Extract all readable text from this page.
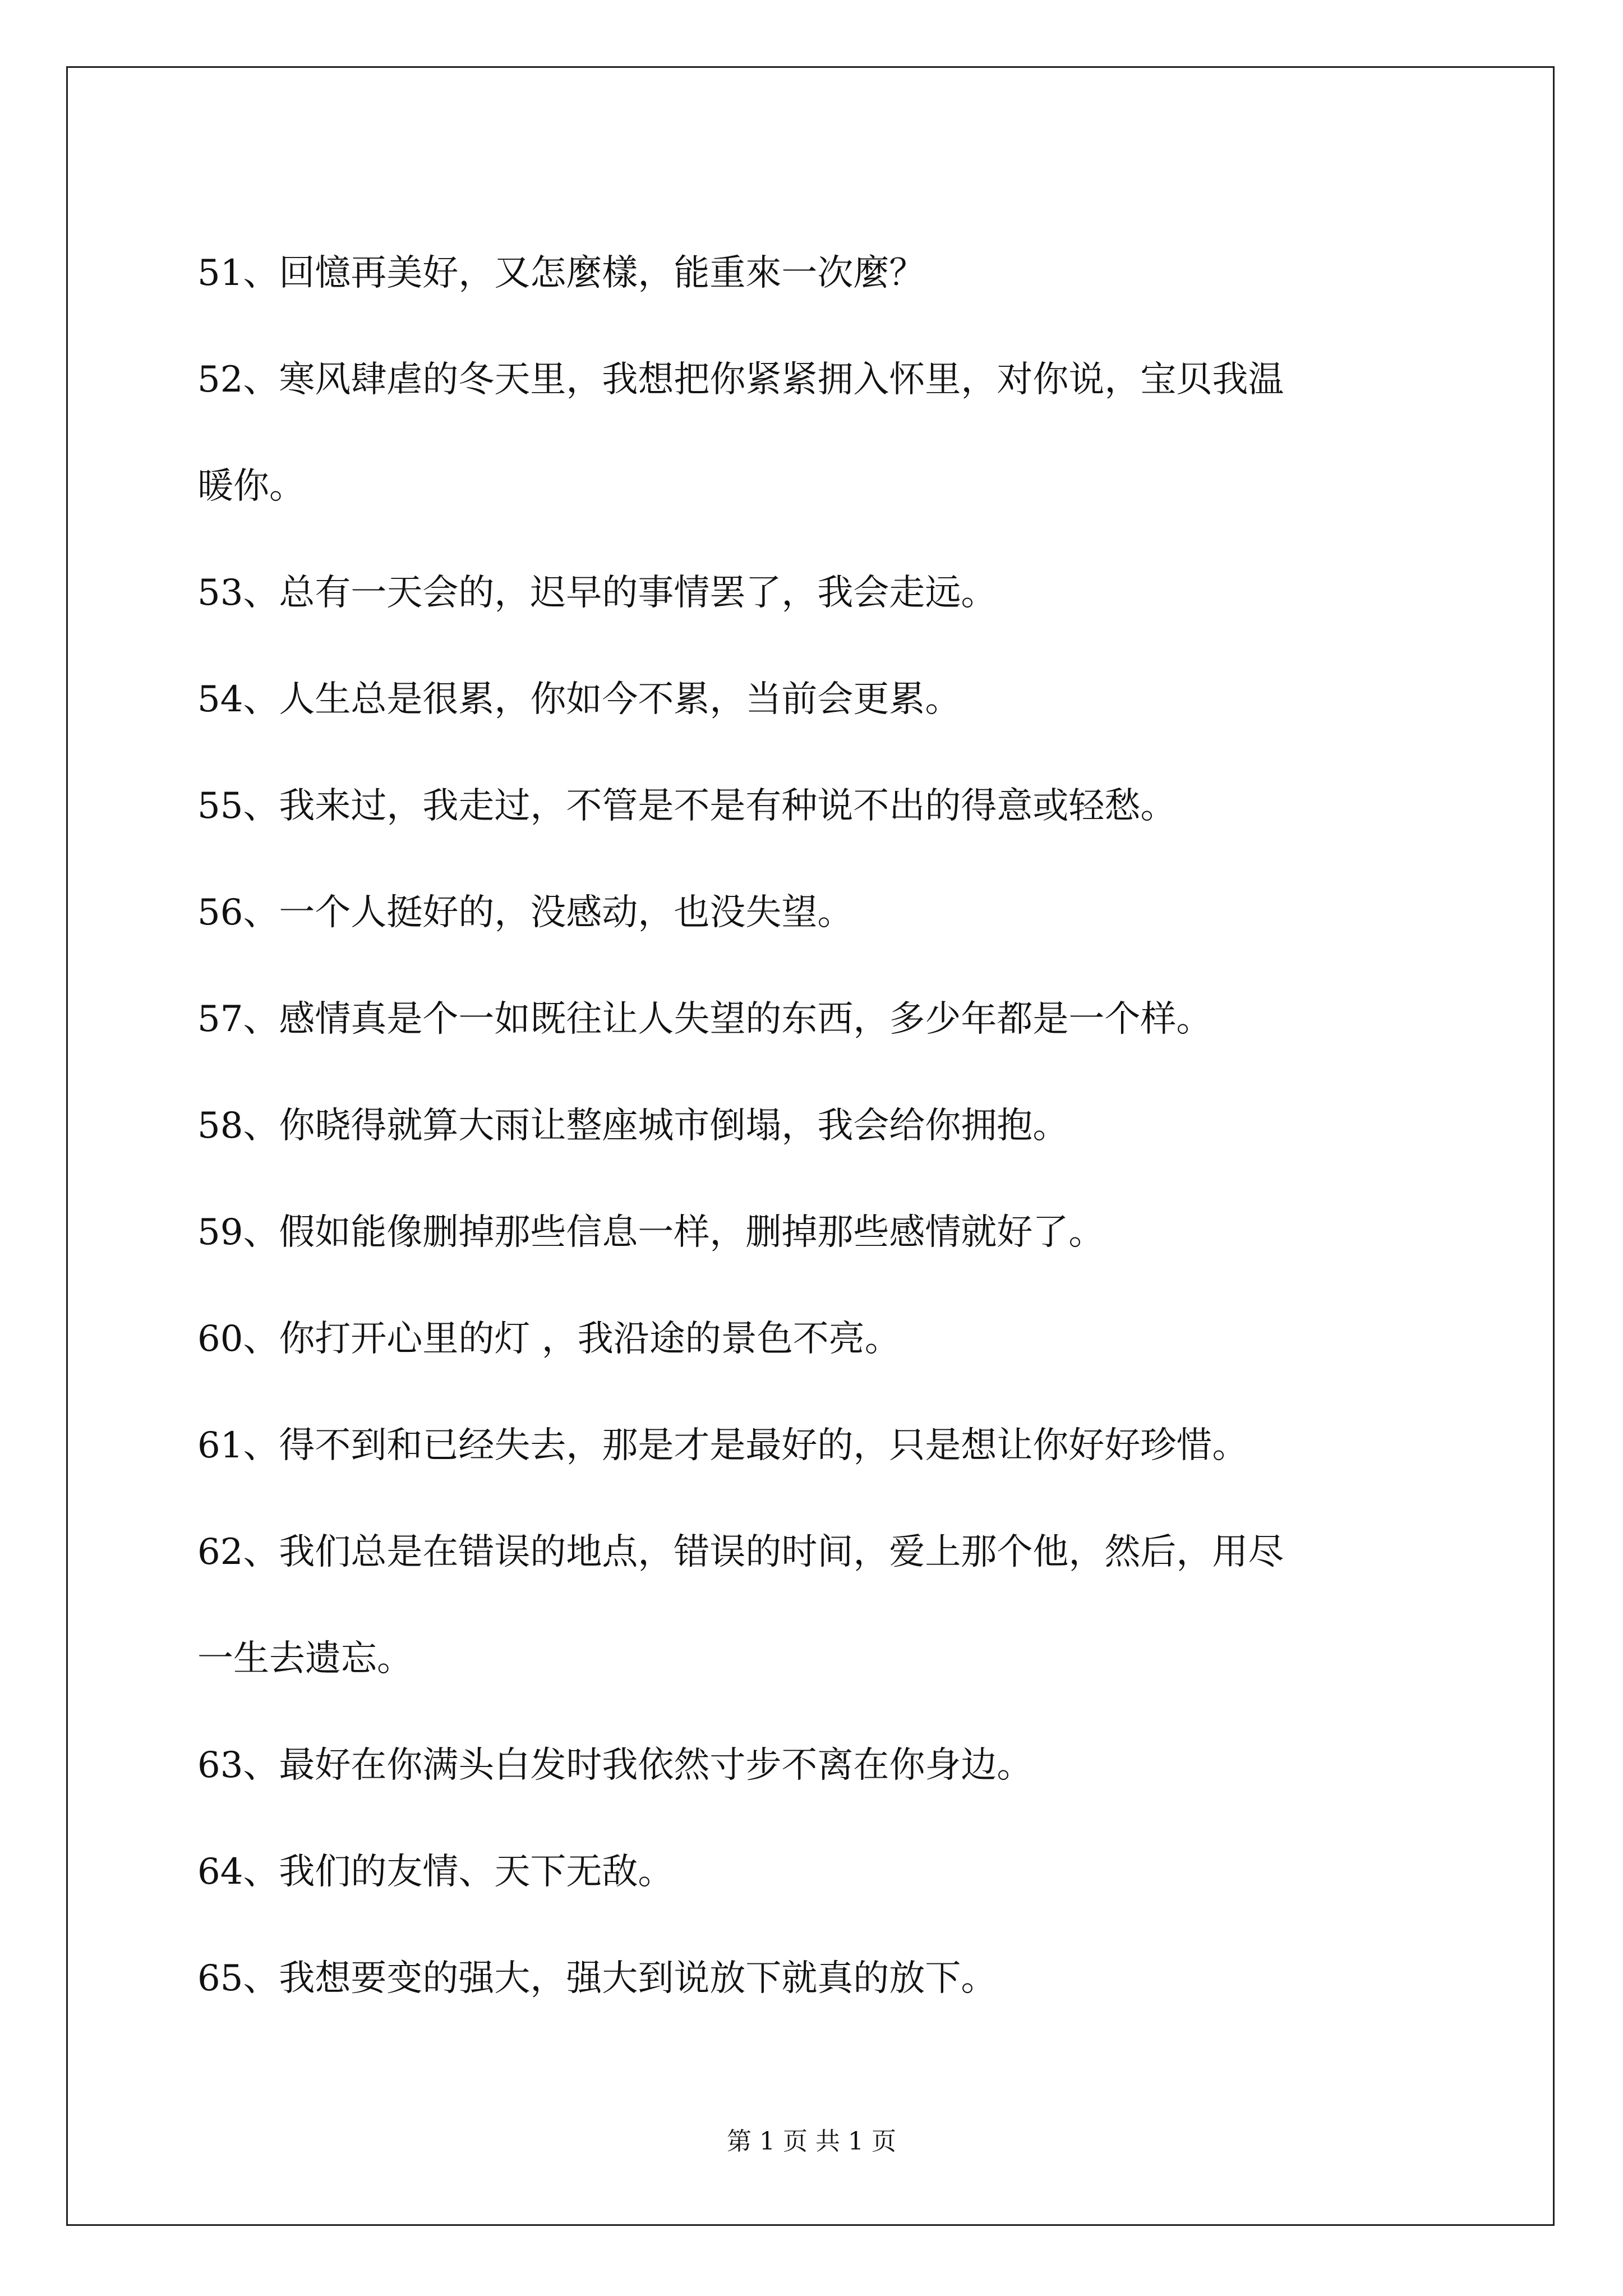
51、回憶再美好，又怎麼樣，能重來一次麼？

52、寒风肆虐的冬天里，我想把你紧紧拥入怀里，对你说，宝贝我温

暖你。

53、总有一天会的，迟早的事情罢了，我会走远。

54、人生总是很累，你如今不累，当前会更累。

55、我来过，我走过，不管是不是有种说不出的得意或轻愁。

56、一个人挺好的，没感动，也没失望。

57、感情真是个一如既往让人失望的东西，多少年都是一个样。

58、你晓得就算大雨让整座城市倒塌，我会给你拥抱。

59、假如能像删掉那些信息一样，删掉那些感情就好了。

60、你打开心里的灯 ，我沿途的景色不亮。

61、得不到和已经失去，那是才是最好的，只是想让你好好珍惜。

62、我们总是在错误的地点，错误的时间，爱上那个他，然后，用尽

一生去遗忘。

63、最好在你满头白发时我依然寸步不离在你身边。

64、我们的友情、天下无敌。

65、我想要变的强大，强大到说放下就真的放下。

第 1 页 共 1 页
